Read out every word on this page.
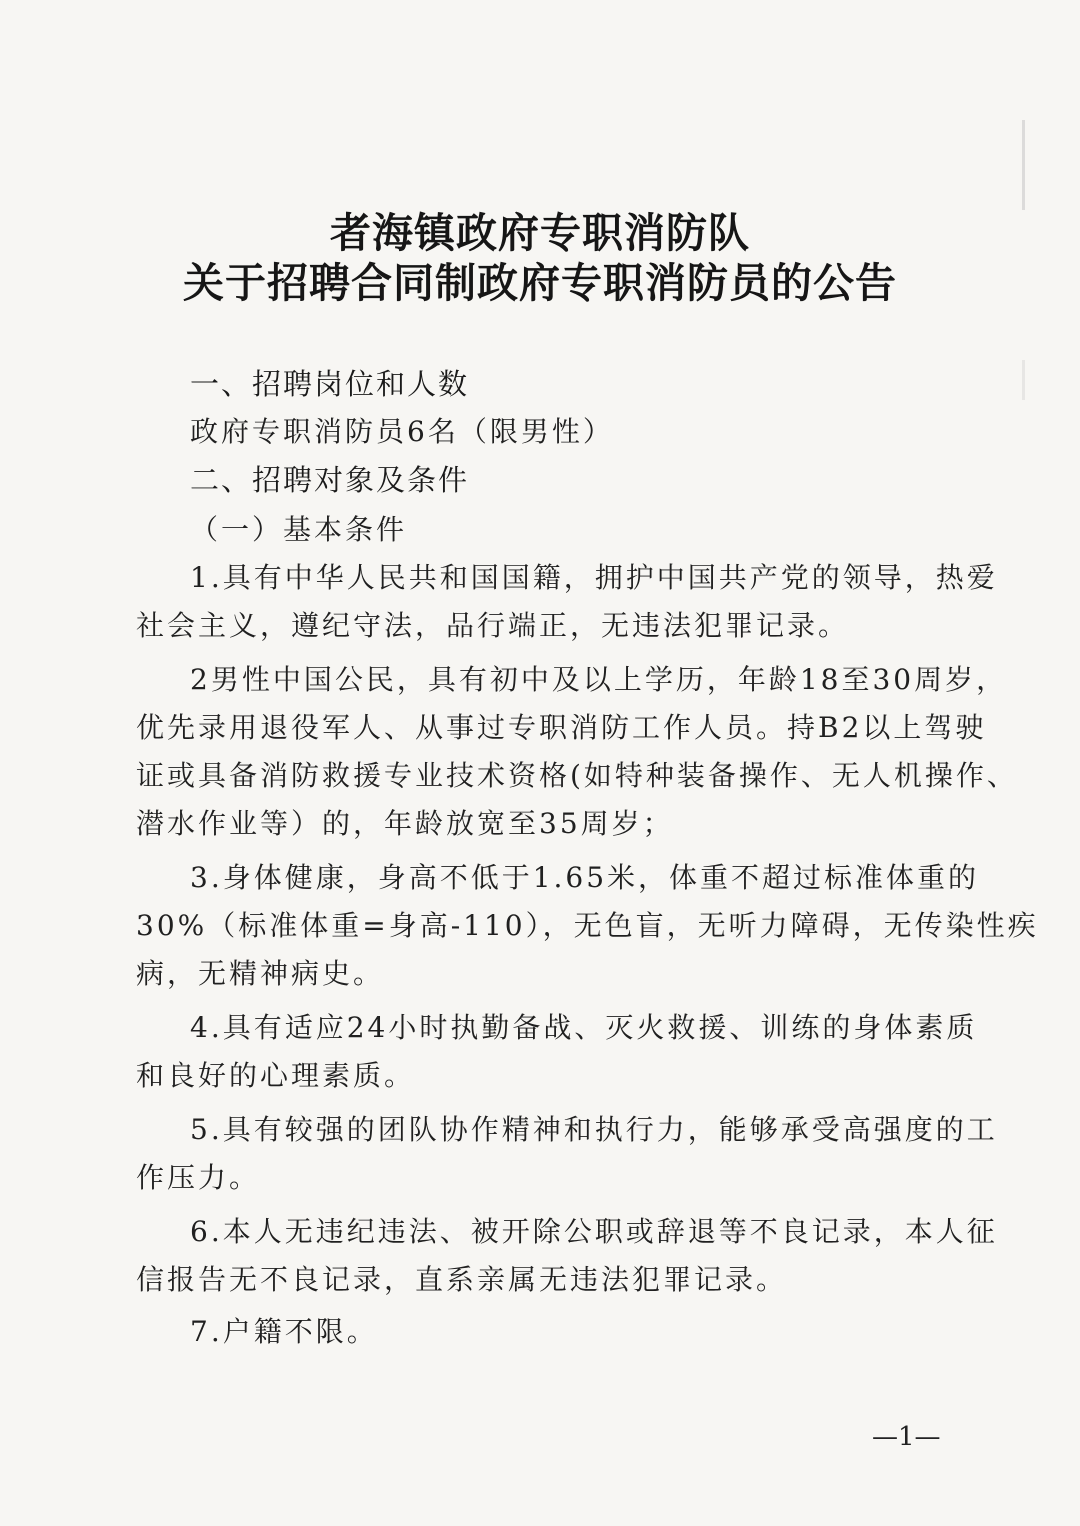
者海镇政府专职消防队
关于招聘合同制政府专职消防员的公告
一、招聘岗位和人数
政府专职消防员6名（限男性）
二、招聘对象及条件
（一）基本条件
1.具有中华人民共和国国籍，拥护中国共产党的领导，热爱
社会主义，遵纪守法，品行端正，无违法犯罪记录。
2男性中国公民，具有初中及以上学历，年龄18至30周岁，
优先录用退役军人、从事过专职消防工作人员。持B2以上驾驶
证或具备消防救援专业技术资格(如特种装备操作、无人机操作、
潜水作业等）的，年龄放宽至35周岁；
3.身体健康，身高不低于1.65米，体重不超过标准体重的
30%（标准体重=身高-110），无色盲，无听力障碍，无传染性疾
病，无精神病史。
4.具有适应24小时执勤备战、灭火救援、训练的身体素质
和良好的心理素质。
5.具有较强的团队协作精神和执行力，能够承受高强度的工
作压力。
6.本人无违纪违法、被开除公职或辞退等不良记录，本人征
信报告无不良记录，直系亲属无违法犯罪记录。
7.户籍不限。
—1—
